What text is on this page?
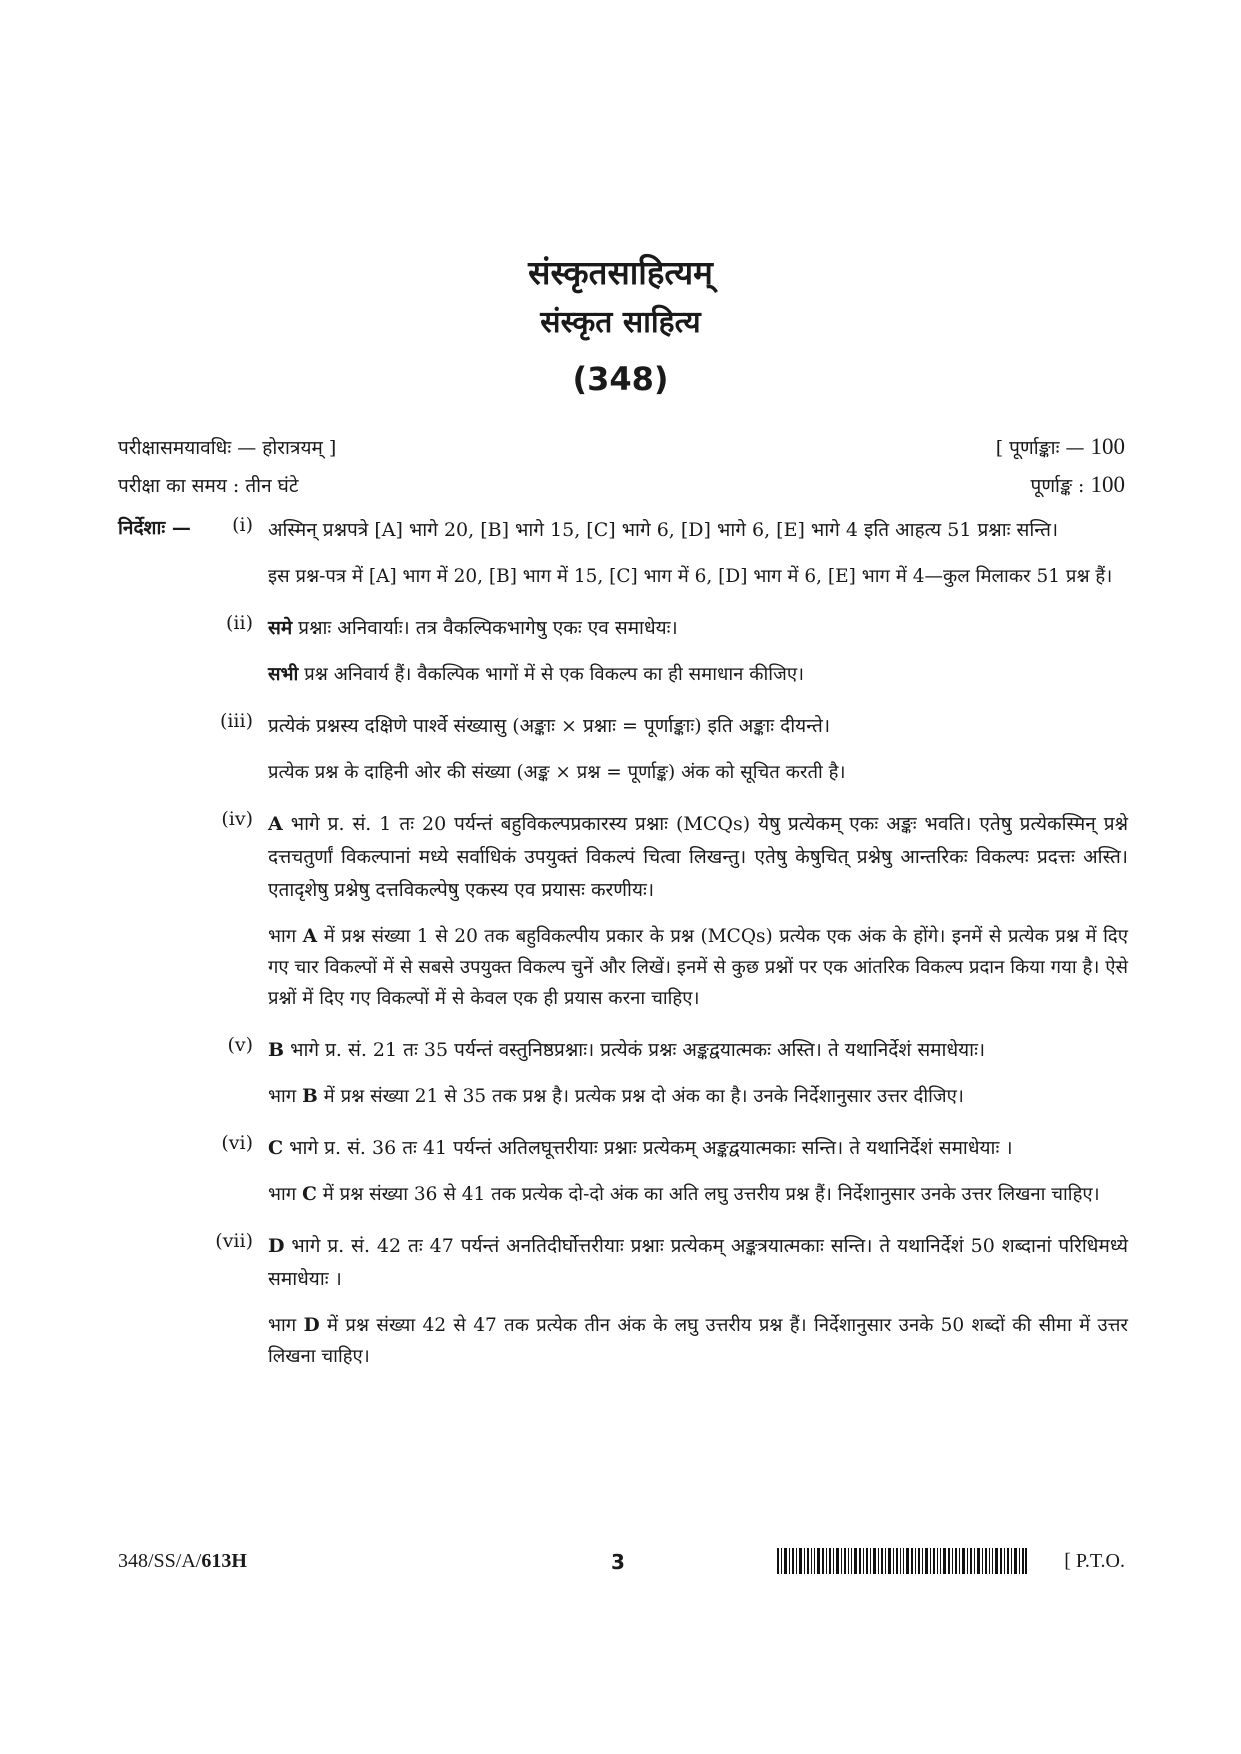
संस्कृतसाहित्यम्
संस्कृत साहित्य
(348)
परीक्षासमयावधिः — होरात्रयम् ]	[ पूर्णाङ्काः — 100
परीक्षा का समय : तीन घंटे	पूर्णाङ्क : 100
निर्देशाः — (i) अस्मिन् प्रश्नपत्रे [A] भागे 20, [B] भागे 15, [C] भागे 6, [D] भागे 6, [E] भागे 4 इति आहत्य 51 प्रश्नाः सन्ति।

इस प्रश्न-पत्र में [A] भाग में 20, [B] भाग में 15, [C] भाग में 6, [D] भाग में 6, [E] भाग में 4—कुल मिलाकर 51 प्रश्न हैं।

(ii) समे प्रश्नाः अनिवार्याः। तत्र वैकल्पिकभागेषु एकः एव समाधेयः।

सभी प्रश्न अनिवार्य हैं। वैकल्पिक भागों में से एक विकल्प का ही समाधान कीजिए।

(iii) प्रत्येकं प्रश्नस्य दक्षिणे पार्श्वे संख्यासु (अङ्काः × प्रश्नाः = पूर्णाङ्काः) इति अङ्काः दीयन्ते।

प्रत्येक प्रश्न के दाहिनी ओर की संख्या (अङ्क × प्रश्न = पूर्णाङ्क) अंक को सूचित करती है।

(iv) A भागे प्र. सं. 1 तः 20 पर्यन्तं बहुविकल्पप्रकारस्य प्रश्नाः (MCQs) येषु प्रत्येकम् एकः अङ्कः भवति। एतेषु प्रत्येकस्मिन् प्रश्ने दत्तचतुर्णां विकल्पानां मध्ये सर्वाधिकं उपयुक्तं विकल्पं चित्वा लिखन्तु। एतेषु केषुचित् प्रश्नेषु आन्तरिकः विकल्पः प्रदत्तः अस्ति। एतादृशेषु प्रश्नेषु दत्तविकल्पेषु एकस्य एव प्रयासः करणीयः।

भाग A में प्रश्न संख्या 1 से 20 तक बहुविकल्पीय प्रकार के प्रश्न (MCQs) प्रत्येक एक अंक के होंगे। इनमें से प्रत्येक प्रश्न में दिए गए चार विकल्पों में से सबसे उपयुक्त विकल्प चुनें और लिखें। इनमें से कुछ प्रश्नों पर एक आंतरिक विकल्प प्रदान किया गया है। ऐसे प्रश्नों में दिए गए विकल्पों में से केवल एक ही प्रयास करना चाहिए।

(v) B भागे प्र. सं. 21 तः 35 पर्यन्तं वस्तुनिष्ठप्रश्नाः। प्रत्येकं प्रश्नः अङ्कद्वयात्मकः अस्ति। ते यथानिर्देशं समाधेयाः।

भाग B में प्रश्न संख्या 21 से 35 तक प्रश्न है। प्रत्येक प्रश्न दो अंक का है। उनके निर्देशानुसार उत्तर दीजिए।

(vi) C भागे प्र. सं. 36 तः 41 पर्यन्तं अतिलघूत्तरीयाः प्रश्नाः प्रत्येकम् अङ्कद्वयात्मकाः सन्ति। ते यथानिर्देशं समाधेयाः ।

भाग C में प्रश्न संख्या 36 से 41 तक प्रत्येक दो-दो अंक का अति लघु उत्तरीय प्रश्न हैं। निर्देशानुसार उनके उत्तर लिखना चाहिए।

(vii) D भागे प्र. सं. 42 तः 47 पर्यन्तं अनतिदीर्घोत्तरीयाः प्रश्नाः प्रत्येकम् अङ्कत्रयात्मकाः सन्ति। ते यथानिर्देशं 50 शब्दानां परिधिमध्ये समाधेयाः ।

भाग D में प्रश्न संख्या 42 से 47 तक प्रत्येक तीन अंक के लघु उत्तरीय प्रश्न हैं। निर्देशानुसार उनके 50 शब्दों की सीमा में उत्तर लिखना चाहिए।

348/SS/A/613H	3	[ P.T.O.
